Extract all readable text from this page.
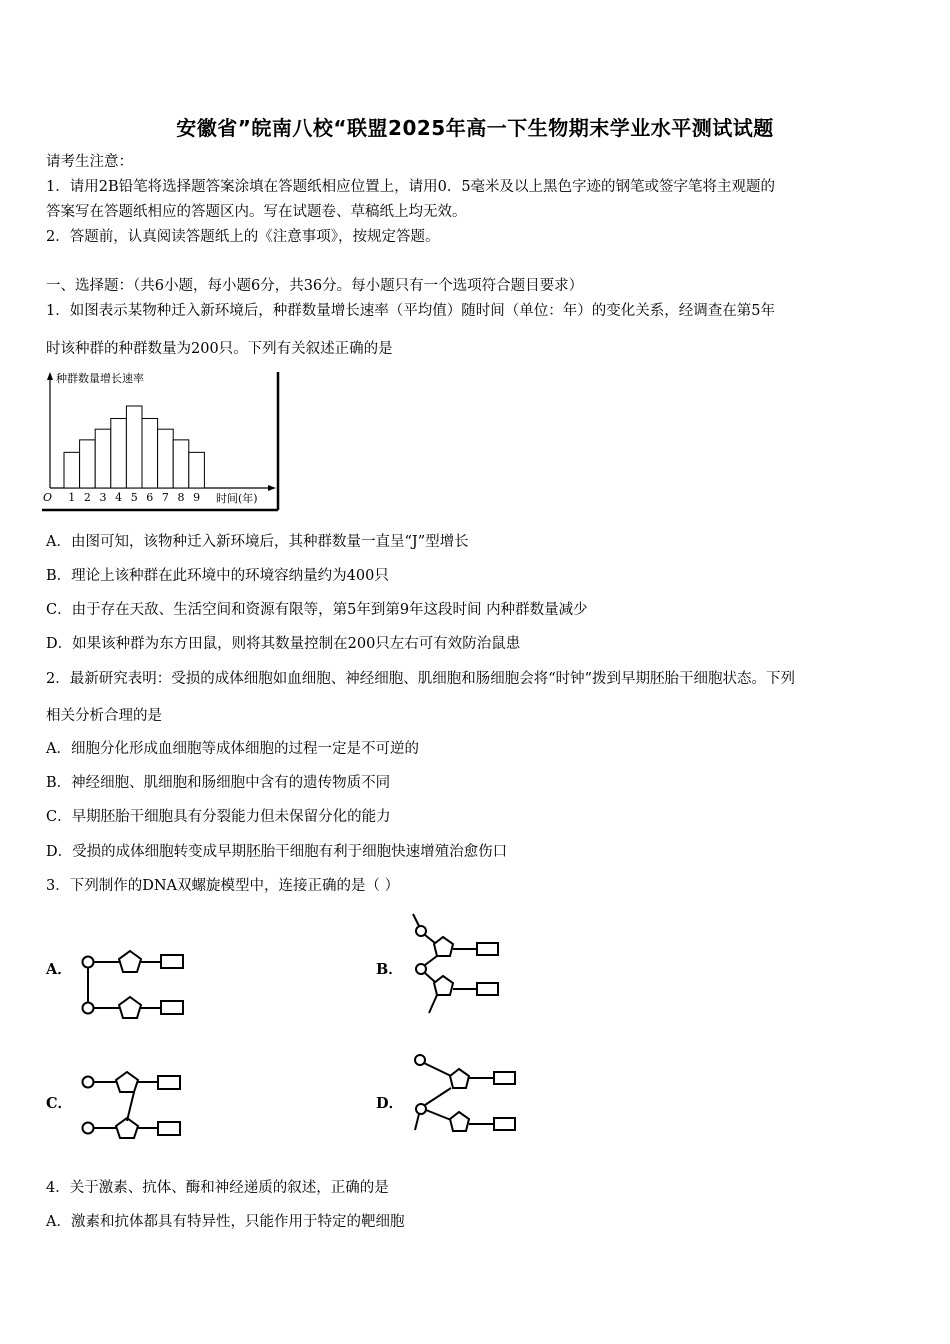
安徽省”皖南八校“联盟2025年高一下生物期末学业水平测试试题
请考生注意：
1．请用2B铅笔将选择题答案涂填在答题纸相应位置上，请用0．5毫米及以上黑色字迹的钢笔或签字笔将主观题的
答案写在答题纸相应的答题区内。写在试题卷、草稿纸上均无效。
2．答题前，认真阅读答题纸上的《注意事项》，按规定答题。
一、选择题：（共6小题，每小题6分，共36分。每小题只有一个选项符合题目要求）
1．如图表示某物种迁入新环境后，种群数量增长速率（平均值）随时间（单位：年）的变化关系，经调查在第5年
时该种群的种群数量为200只。下列有关叙述正确的是
种群数量增长速率
O	时间(年)
1 2 3 4 5 6 7 8 9
A．由图可知，该物种迁入新环境后，其种群数量一直呈“J”型增长
B．理论上该种群在此环境中的环境容纳量约为400只
C．由于存在天敌、生活空间和资源有限等，第5年到第9年这段时间 内种群数量减少
D．如果该种群为东方田鼠，则将其数量控制在200只左右可有效防治鼠患
2．最新研究表明：受损的成体细胞如血细胞、神经细胞、肌细胞和肠细胞会将“时钟”拨到早期胚胎干细胞状态。下列
相关分析合理的是
A．细胞分化形成血细胞等成体细胞的过程一定是不可逆的
B．神经细胞、肌细胞和肠细胞中含有的遗传物质不同
C．早期胚胎干细胞具有分裂能力但未保留分化的能力
D．受损的成体细胞转变成早期胚胎干细胞有利于细胞快速增殖治愈伤口
3．下列制作的DNA双螺旋模型中，连接正确的是（ ）
A．	B．
C．	D．
4．关于激素、抗体、酶和神经递质的叙述，正确的是
A．激素和抗体都具有特异性，只能作用于特定的靶细胞
